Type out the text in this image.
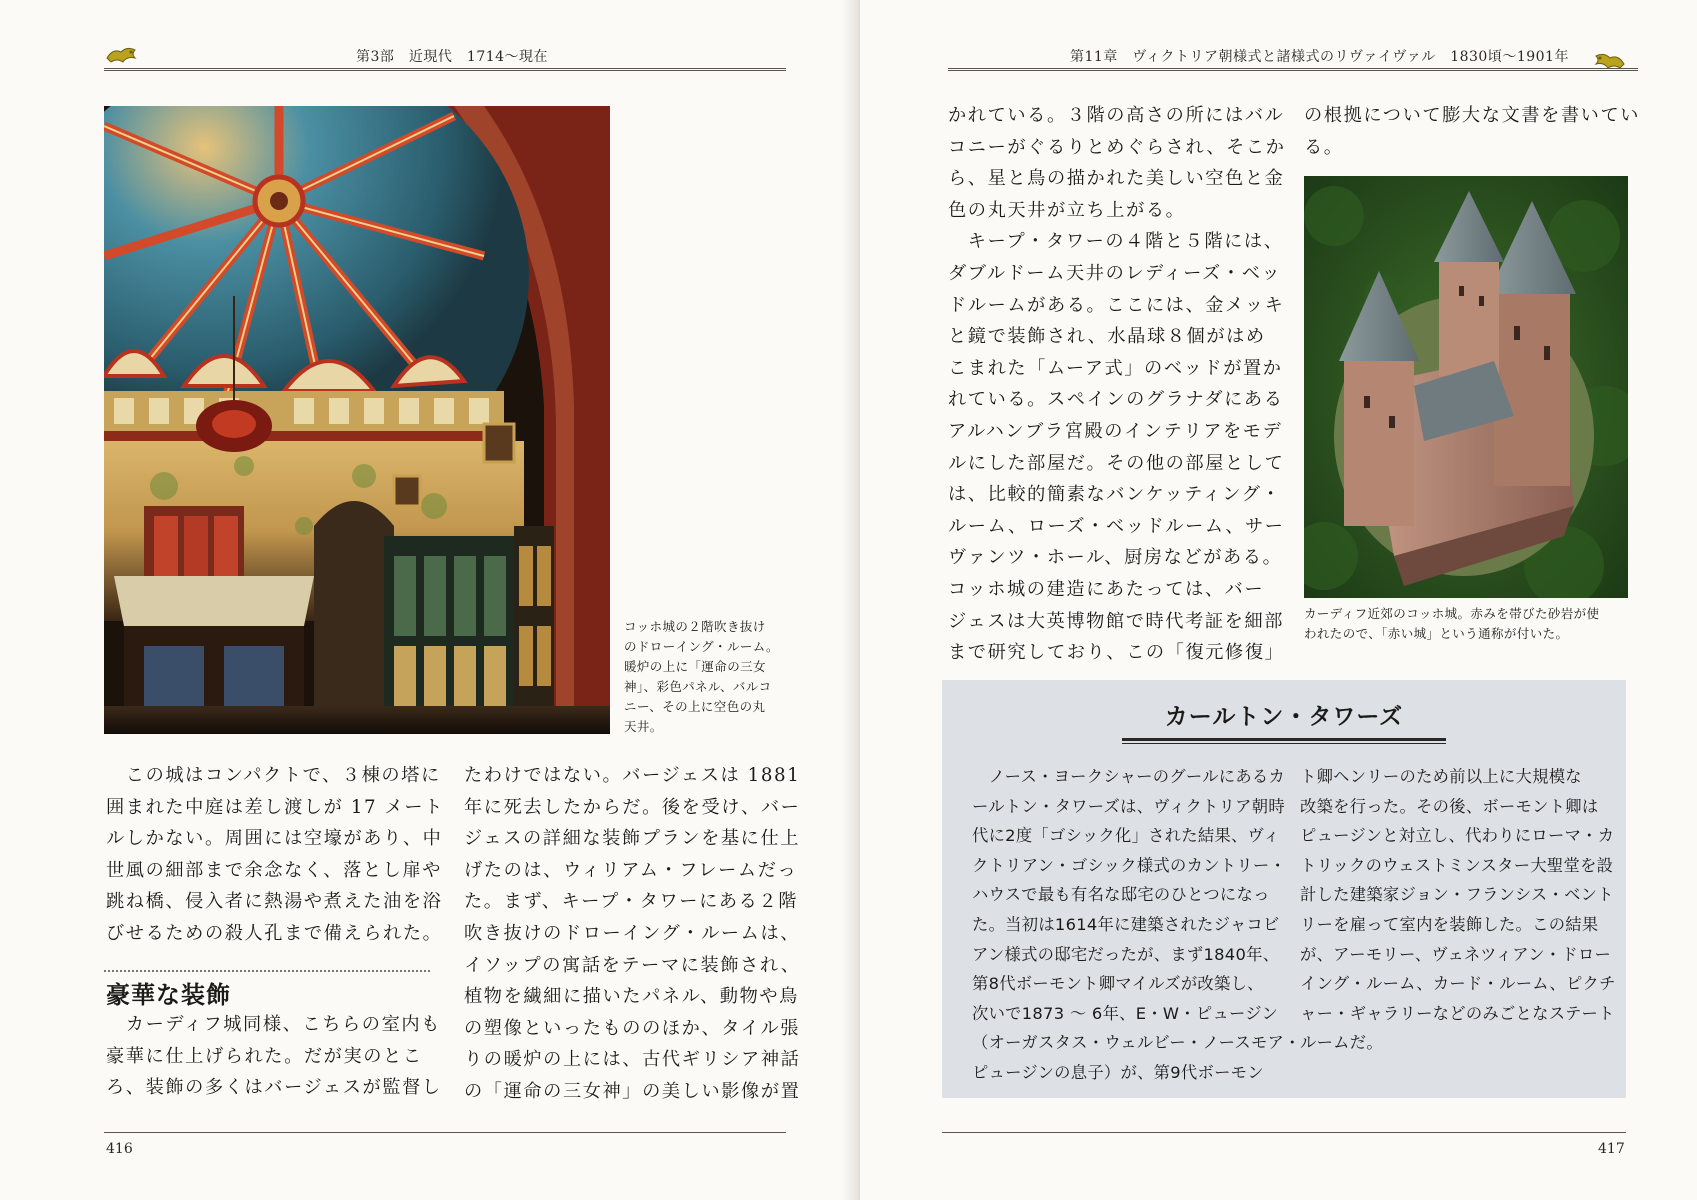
第3部　近現代　1714～現在
コッホ城の２階吹き抜け
のドローイング・ルーム。
暖炉の上に「運命の三女
神」、彩色パネル、バルコ
ニー、その上に空色の丸
天井。
　この城はコンパクトで、３棟の塔に
囲まれた中庭は差し渡しが 17 メート
ルしかない。周囲には空壕があり、中
世風の細部まで余念なく、落とし扉や
跳ね橋、侵入者に熱湯や煮えた油を浴
びせるための殺人孔まで備えられた。
豪華な装飾
　カーディフ城同様、こちらの室内も
豪華に仕上げられた。だが実のとこ
ろ、装飾の多くはバージェスが監督し
たわけではない。バージェスは 1881
年に死去したからだ。後を受け、バー
ジェスの詳細な装飾プランを基に仕上
げたのは、ウィリアム・フレームだっ
た。まず、キープ・タワーにある２階
吹き抜けのドローイング・ルームは、
イソップの寓話をテーマに装飾され、
植物を繊細に描いたパネル、動物や鳥
の塑像といったもののほか、タイル張
りの暖炉の上には、古代ギリシア神話
の「運命の三女神」の美しい影像が置
416
第11章　ヴィクトリア朝様式と諸様式のリヴァイヴァル　1830頃～1901年
かれている。３階の高さの所にはバル
コニーがぐるりとめぐらされ、そこか
ら、星と鳥の描かれた美しい空色と金
色の丸天井が立ち上がる。
　キープ・タワーの４階と５階には、
ダブルドーム天井のレディーズ・ベッ
ドルームがある。ここには、金メッキ
と鏡で装飾され、水晶球８個がはめ
こまれた「ムーア式」のベッドが置か
れている。スペインのグラナダにある
アルハンブラ宮殿のインテリアをモデ
ルにした部屋だ。その他の部屋として
は、比較的簡素なバンケッティング・
ルーム、ローズ・ベッドルーム、サー
ヴァンツ・ホール、厨房などがある。
コッホ城の建造にあたっては、バー
ジェスは大英博物館で時代考証を細部
まで研究しており、この「復元修復」
の根拠について膨大な文書を書いてい
る。
カーディフ近郊のコッホ城。赤みを帯びた砂岩が使
われたので、「赤い城」という通称が付いた。
カールトン・タワーズ
　ノース・ヨークシャーのグールにあるカ
ールトン・タワーズは、ヴィクトリア朝時
代に2度「ゴシック化」された結果、ヴィ
クトリアン・ゴシック様式のカントリー・
ハウスで最も有名な邸宅のひとつになっ
た。当初は1614年に建築されたジャコビ
アン様式の邸宅だったが、まず1840年、
第8代ボーモント卿マイルズが改築し、
次いで1873 ～ 6年、E・W・ピュージン
（オーガスタス・ウェルビー・ノースモア・
ピュージンの息子）が、第9代ボーモン
ト卿ヘンリーのため前以上に大規模な
改築を行った。その後、ボーモント卿は
ピュージンと対立し、代わりにローマ・カ
トリックのウェストミンスター大聖堂を設
計した建築家ジョン・フランシス・ベント
リーを雇って室内を装飾した。この結果
が、アーモリー、ヴェネツィアン・ドロー
イング・ルーム、カード・ルーム、ピクチ
ャー・ギャラリーなどのみごとなステート
ルームだ。
417
